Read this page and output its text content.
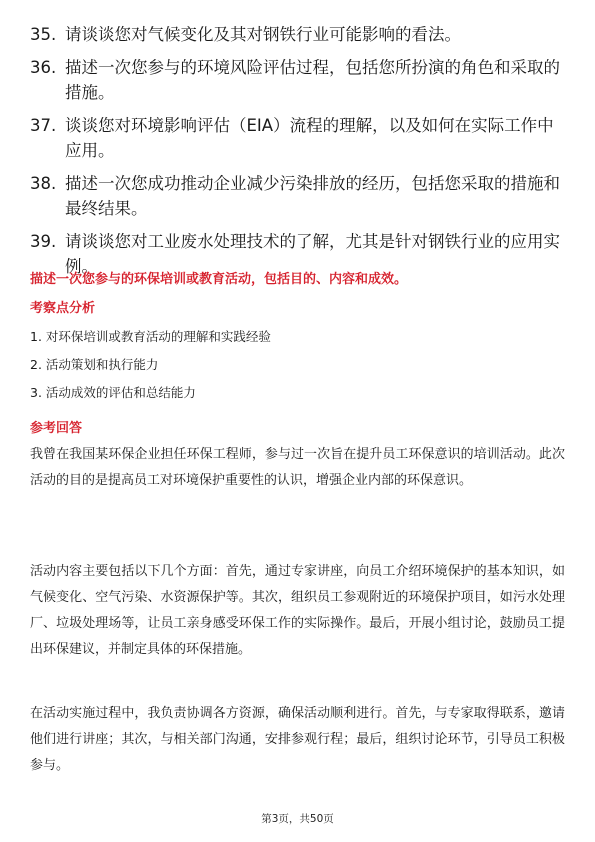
35. 请谈谈您对气候变化及其对钢铁行业可能影响的看法。
36. 描述一次您参与的环境风险评估过程，包括您所扮演的角色和采取的措施。
37. 谈谈您对环境影响评估（EIA）流程的理解，以及如何在实际工作中应用。
38. 描述一次您成功推动企业减少污染排放的经历，包括您采取的措施和最终结果。
39. 请谈谈您对工业废水处理技术的了解，尤其是针对钢铁行业的应用实例。
描述一次您参与的环保培训或教育活动，包括目的、内容和成效。
考察点分析
1. 对环保培训或教育活动的理解和实践经验
2. 活动策划和执行能力
3. 活动成效的评估和总结能力
参考回答

我曾在我国某环保企业担任环保工程师，参与过一次旨在提升员工环保意识的培训活动。此次活动的目的是提高员工对环境保护重要性的认识，增强企业内部的环保意识。

活动内容主要包括以下几个方面：首先，通过专家讲座，向员工介绍环境保护的基本知识，如气候变化、空气污染、水资源保护等。其次，组织员工参观附近的环境保护项目，如污水处理厂、垃圾处理场等，让员工亲身感受环保工作的实际操作。最后，开展小组讨论，鼓励员工提出环保建议，并制定具体的环保措施。

在活动实施过程中，我负责协调各方资源，确保活动顺利进行。首先，与专家取得联系，邀请他们进行讲座；其次，与相关部门沟通，安排参观行程；最后，组织讨论环节，引导员工积极参与。

第3页，共50页
